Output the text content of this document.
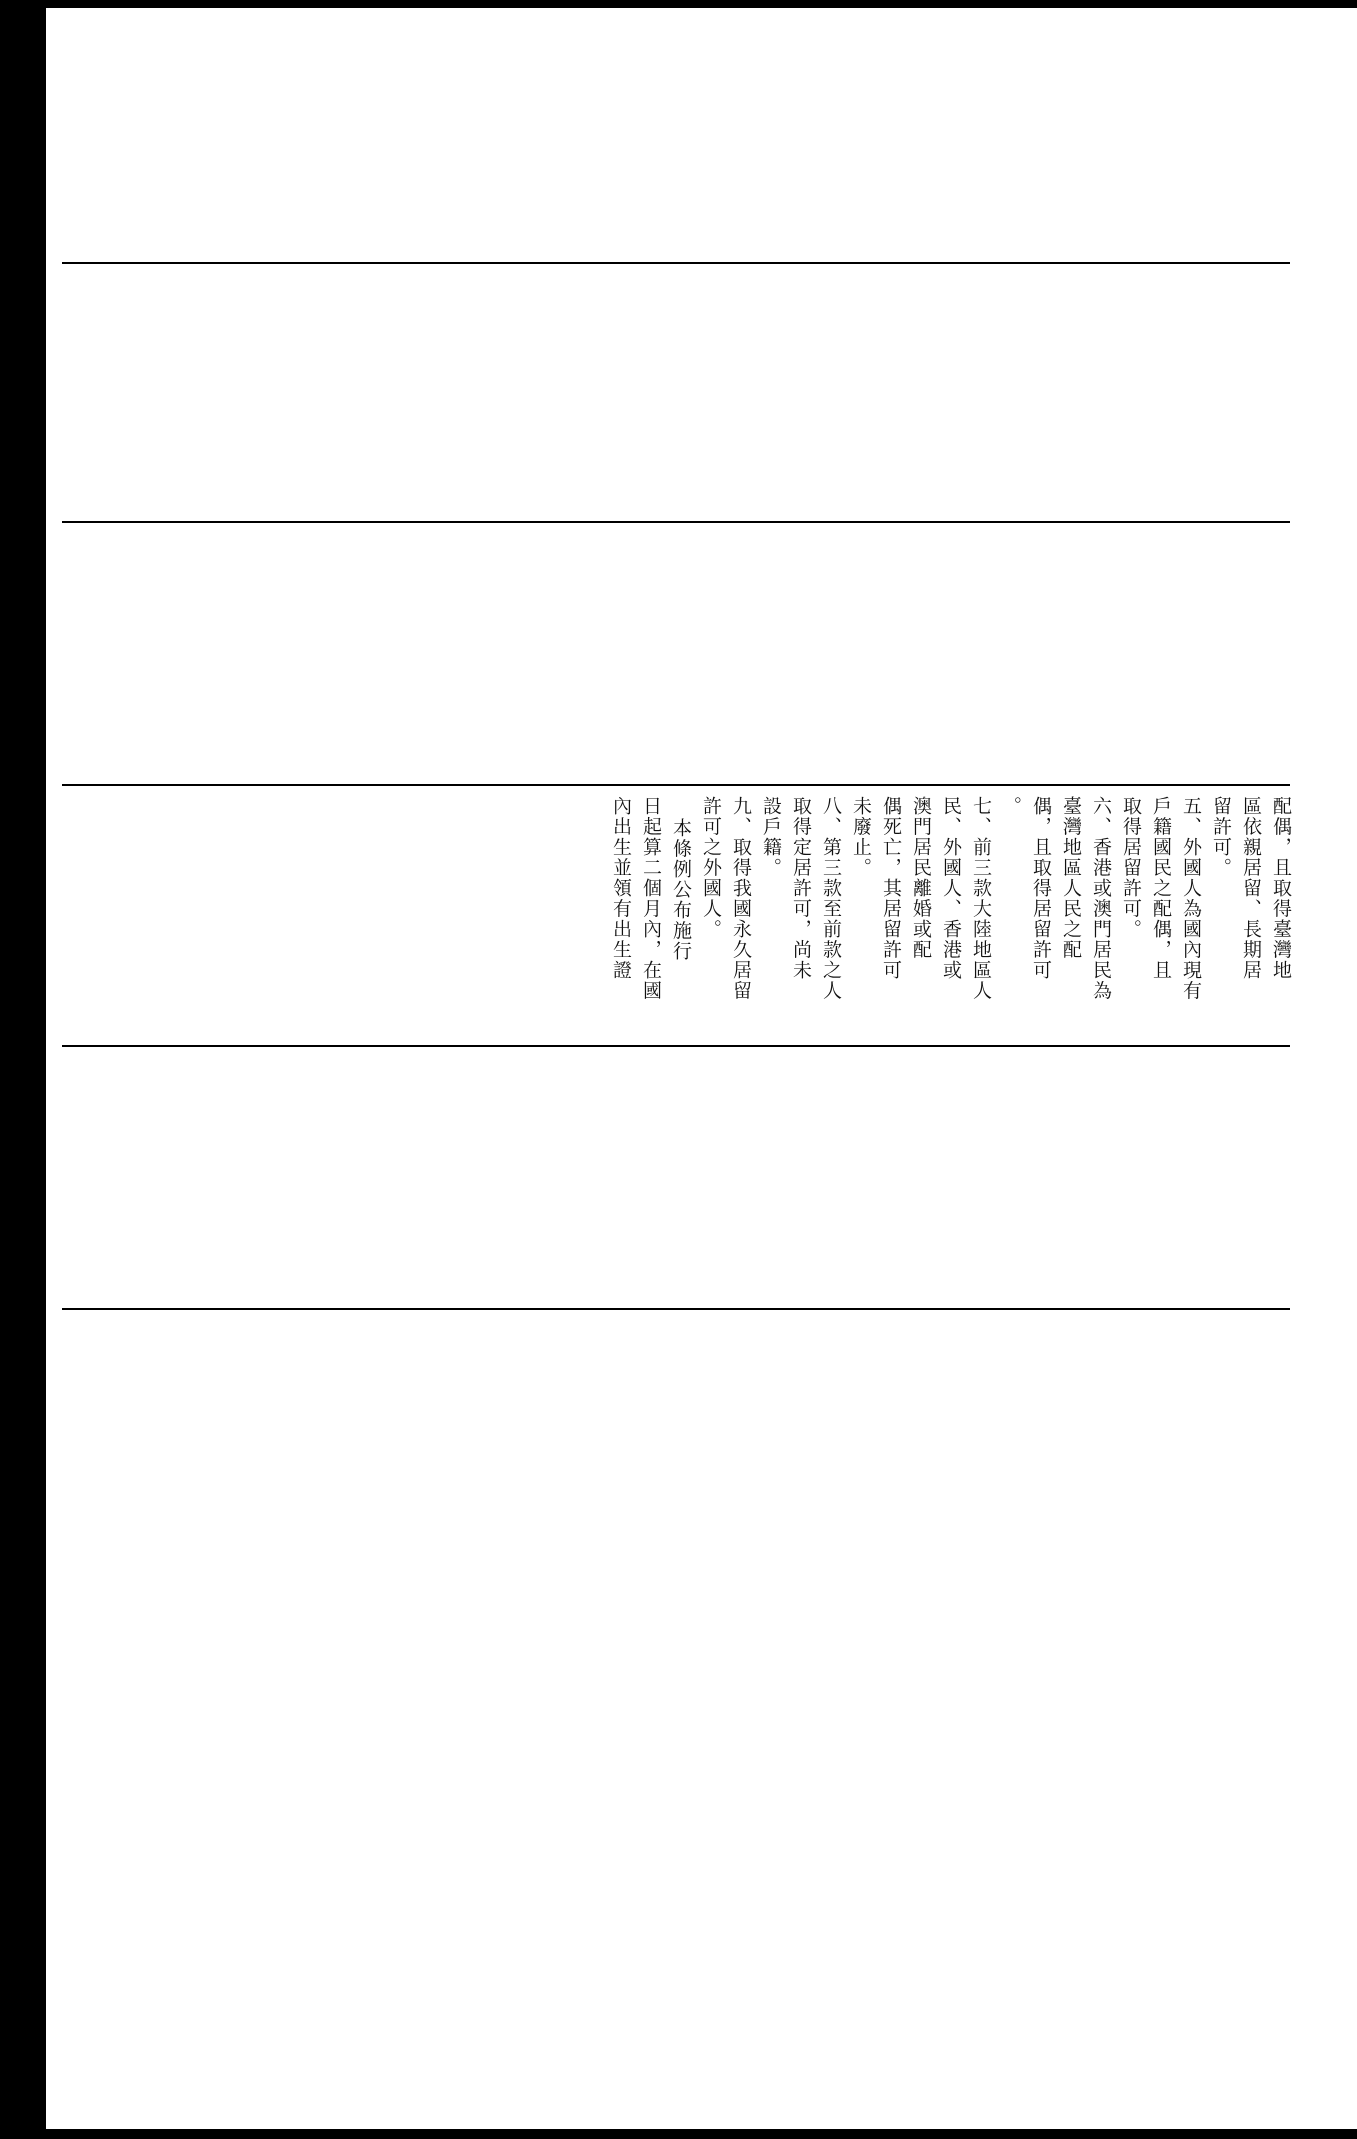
配偶，且取得臺灣地
區依親居留、長期居
留許可。
五、外國人為國內現有
戶籍國民之配偶，且
取得居留許可。
六、香港或澳門居民為
臺灣地區人民之配
偶，且取得居留許可
。
七、前三款大陸地區人
民、外國人、香港或
澳門居民離婚或配
偶死亡，其居留許可
未廢止。
八、第三款至前款之人
取得定居許可，尚未
設戶籍。
九、取得我國永久居留
許可之外國人。
本條例公布施行
日起算二個月內，在國
內出生並領有出生證
